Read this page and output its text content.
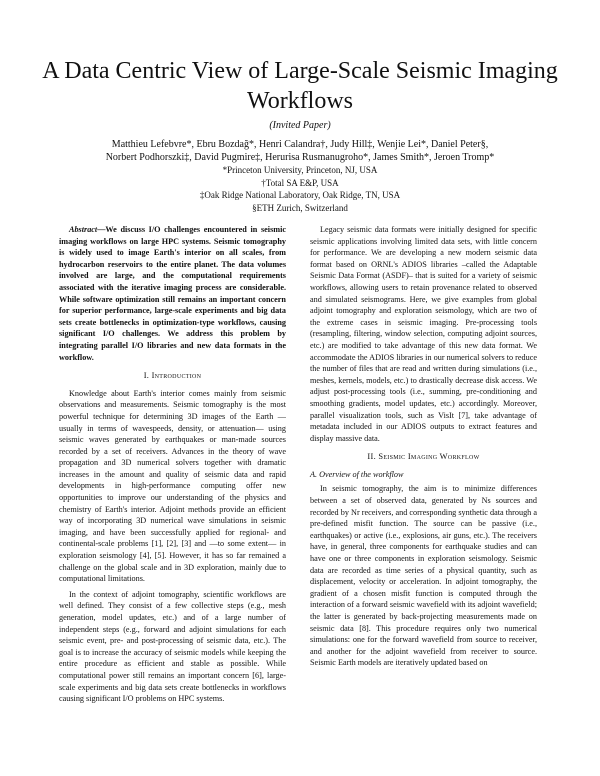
A Data Centric View of Large-Scale Seismic Imaging Workflows
(Invited Paper)
Matthieu Lefebvre*, Ebru Bozdağ*, Henri Calandra†, Judy Hill‡, Wenjie Lei*, Daniel Peter§,
Norbert Podhorszki‡, David Pugmire‡, Herurisa Rusmanugroho*, James Smith*, Jeroen Tromp*
*Princeton University, Princeton, NJ, USA
†Total SA E&P, USA
‡Oak Ridge National Laboratory, Oak Ridge, TN, USA
§ETH Zurich, Switzerland

Abstract—We discuss I/O challenges encountered in seismic imaging workflows on large HPC systems. Seismic tomography is widely used to image Earth's interior on all scales, from hydrocarbon reservoirs to the entire planet. The data volumes involved are large, and the computational requirements associated with the iterative imaging process are considerable. While software optimization still remains an important concern for superior performance, large-scale experiments and big data sets create bottlenecks in optimization-type workflows, causing significant I/O challenges. We address this problem by integrating parallel I/O libraries and new data formats in the workflow.

I. Introduction

Knowledge about Earth's interior comes mainly from seismic observations and measurements. Seismic tomography is the most powerful technique for determining 3D images of the Earth —usually in terms of wavespeeds, density, or attenuation— using seismic waves generated by earthquakes or man-made sources recorded by a set of receivers. Advances in the theory of wave propagation and 3D numerical solvers together with dramatic increases in the amount and quality of seismic data and rapid developments in high-performance computing offer new opportunities to improve our understanding of the physics and chemistry of Earth's interior. Adjoint methods provide an efficient way of incorporating 3D numerical wave simulations in seismic imaging, and have been successfully applied for regional- and continental-scale problems [1], [2], [3] and —to some extent— in exploration seismology [4], [5]. However, it has so far remained a challenge on the global scale and in 3D exploration, mainly due to computational limitations.

In the context of adjoint tomography, scientific workflows are well defined. They consist of a few collective steps (e.g., mesh generation, model updates, etc.) and of a large number of independent steps (e.g., forward and adjoint simulations for each seismic event, pre- and post-processing of seismic data, etc.). The goal is to increase the accuracy of seismic models while keeping the entire procedure as efficient and stable as possible. While computational power still remains an important concern [6], large-scale experiments and big data sets create bottlenecks in workflows causing significant I/O problems on HPC systems.

Legacy seismic data formats were initially designed for specific seismic applications involving limited data sets, with little concern for performance. We are developing a new modern seismic data format based on ORNL's ADIOS libraries –called the Adaptable Seismic Data Format (ASDF)– that is suited for a variety of seismic workflows, allowing users to retain provenance related to observed and simulated seismograms. Here, we give examples from global adjoint tomography and exploration seismology, which are two of the extreme cases in seismic imaging. Pre-processing tools (resampling, filtering, window selection, computing adjoint sources, etc.) are modified to take advantage of this new data format. We accommodate the ADIOS libraries in our numerical solvers to reduce the number of files that are read and written during simulations (i.e., meshes, kernels, models, etc.) to drastically decrease disk access. We adjust post-processing tools (i.e., summing, pre-conditioning and smoothing gradients, model updates, etc.) accordingly. Moreover, parallel visualization tools, such as VisIt [7], take advantage of metadata included in our ADIOS outputs to extract features and display massive data.

II. Seismic Imaging Workflow
A. Overview of the workflow

In seismic tomography, the aim is to minimize differences between a set of observed data, generated by Ns sources and recorded by Nr receivers, and corresponding synthetic data through a pre-defined misfit function. The source can be passive (i.e., earthquakes) or active (i.e., explosions, air guns, etc.). The receivers have, in general, three components for earthquake studies and can have one or three components in exploration seismology. Seismic data are recorded as time series of a physical quantity, such as displacement, velocity or acceleration. In adjoint tomography, the gradient of a chosen misfit function is computed through the interaction of a forward seismic wavefield with its adjoint wavefield; the latter is generated by back-projecting measurements made on seismic data [8]. This procedure requires only two numerical simulations: one for the forward wavefield from source to receiver, and another for the adjoint wavefield from receiver to source. Seismic Earth models are iteratively updated based on
